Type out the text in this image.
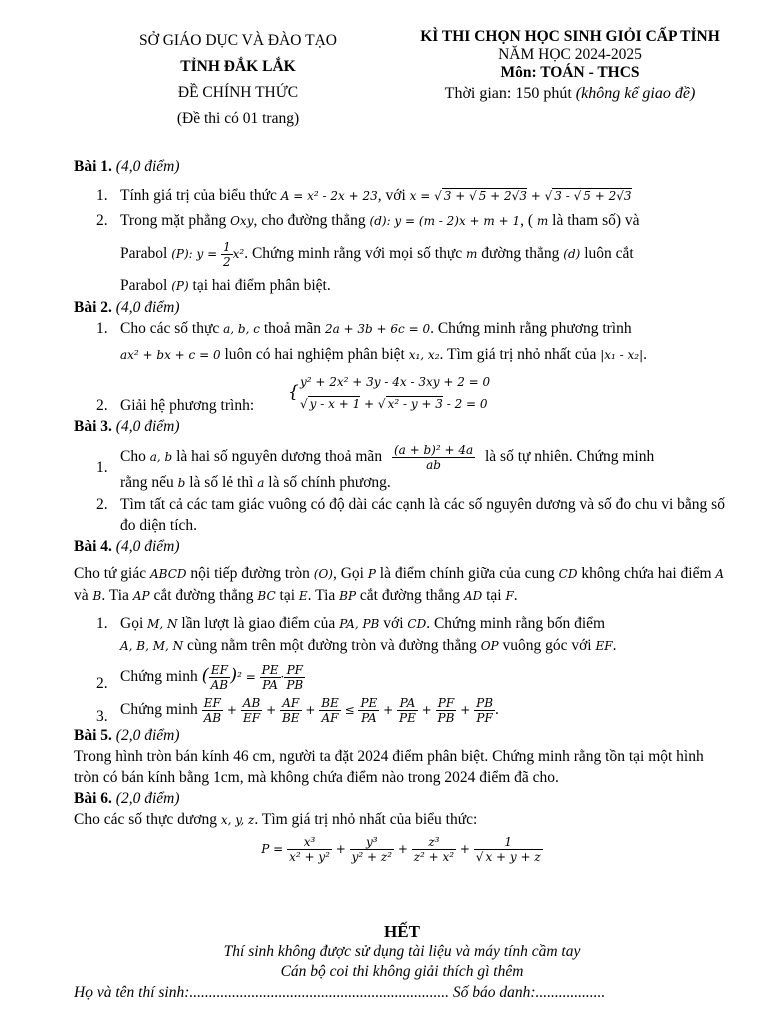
SỞ GIÁO DỤC VÀ ĐÀO TẠO
TỈNH ĐẮK LẮK
ĐỀ CHÍNH THỨC
(Đề thi có 01 trang)
KÌ THI CHỌN HỌC SINH GIỎI CẤP TỈNH
NĂM HỌC 2024-2025
Môn: TOÁN - THCS
Thời gian: 150 phút (không kể giao đề)
Bài 1. (4,0 điểm)
1. Tính giá trị của biểu thức A = x² - 2x + 23, với x = √ 3 + √ 5 + 2√3 + √ 3 - √ 5 + 2√3
2. Trong mặt phẳng Oxy, cho đường thẳng (d): y = (m - 2)x + m + 1, ( m là tham số) và
Parabol (P): $y = \frac{1}{2} x^2$. Chứng minh rằng với mọi số thực m đường thẳng (d) luôn cắt
Parabol (P) tại hai điểm phân biệt.
Bài 2. (4,0 điểm)
1. Cho các số thực a, b, c thoả mãn 2a + 3b + 6c = 0. Chứng minh rằng phương trình
ax² + bx + c = 0 luôn có hai nghiệm phân biệt x₁, x₂. Tìm giá trị nhỏ nhất của |x₁ - x₂|.
2. Giải hệ phương trình:
{ y² + 2x² + 3y - 4x - 3xy + 2 = 0
√ y - x + 1 + √ x² - y + 3 - 2 = 0
Bài 3. (4,0 điểm)
1.
Cho a, b là hai số nguyên dương thoả mãn $\frac{\text{(a + b)² + 4a}}{ab}$ là số tự nhiên. Chứng minh
rằng nếu b là số lẻ thì a là số chính phương.
2. Tìm tất cả các tam giác vuông có độ dài các cạnh là các số nguyên dương và số đo chu vi bằng số đo diện tích.
Bài 4. (4,0 điểm)
Cho tứ giác ABCD nội tiếp đường tròn (O), Gọi P là điểm chính giữa của cung CD không chứa hai điểm A và B. Tia AP cắt đường thẳng BC tại E. Tia BP cắt đường thẳng AD tại F.
1. Gọi M, N lần lượt là giao điểm của PA, PB với CD. Chứng minh rằng bốn điểm
A, B, M, N cùng nằm trên một đường tròn và đường thẳng OP vuông góc với EF.
2. Chứng minh ( $\frac{EF}{AB} )^2 = \frac{PE}{PA} \cdot \frac{PF}{PB}$
3. Chứng minh $\frac{EF}{AB} + \frac{AB}{EF} + \frac{AF}{BE} + \frac{BE}{AF} \le \frac{PE}{PA} + \frac{PA}{PE} + \frac{PF}{PB} + \frac{PB}{PF}$ .
Bài 5. (2,0 điểm)
Trong hình tròn bán kính 46 cm, người ta đặt 2024 điểm phân biệt. Chứng minh rằng tồn tại một hình tròn có bán kính bằng 1cm, mà không chứa điểm nào trong 2024 điểm đã cho.
Bài 6. (2,0 điểm)
Cho các số thực dương x, y, z. Tìm giá trị nhỏ nhất của biểu thức:
$P = \frac{\text{x³}}{\text{x² + y²}} + \frac{\text{y³}}{\text{y² + z²}} + \frac{\text{z³}}{\text{z² + x²}} + \frac{1}{√ x + y + z}$
HẾT
Thí sinh không được sử dụng tài liệu và máy tính cầm tay
Cán bộ coi thi không giải thích gì thêm
Họ và tên thí sinh:................................................................... Số báo danh:..................
